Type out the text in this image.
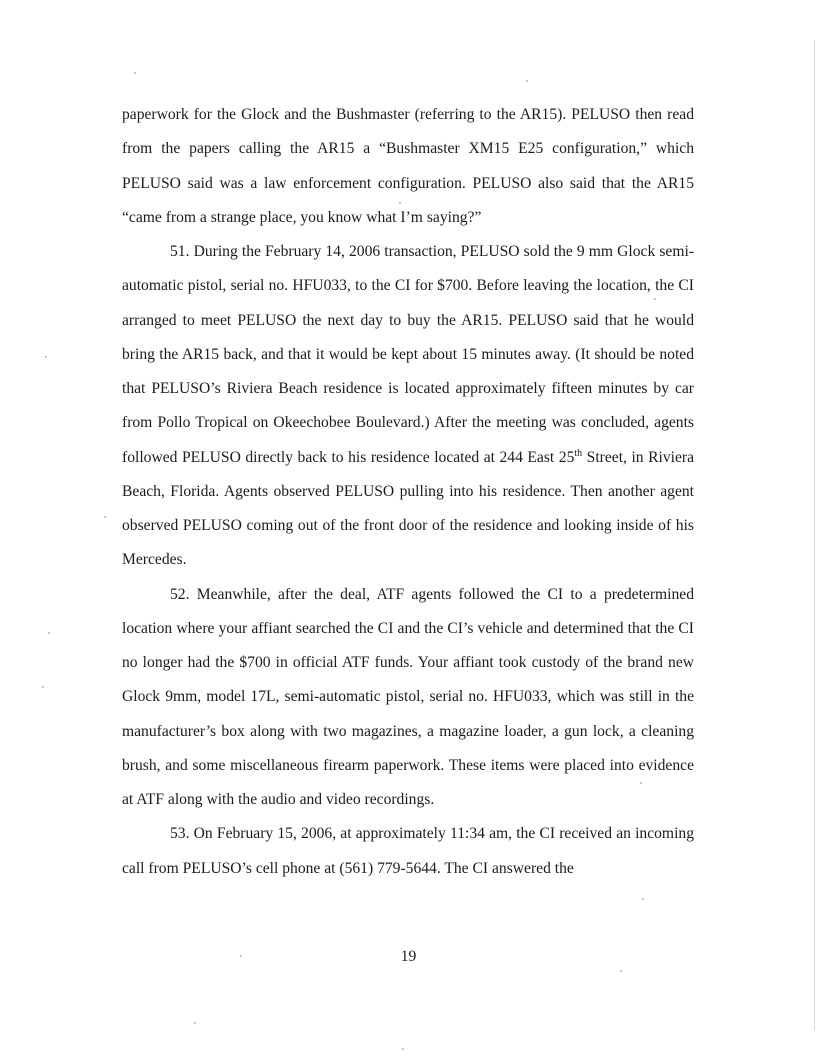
paperwork for the Glock and the Bushmaster (referring to the AR15). PELUSO then read from the papers calling the AR15 a “Bushmaster XM15 E25 configuration,” which PELUSO said was a law enforcement configuration. PELUSO also said that the AR15 “came from a strange place, you know what I’m saying?”

51. During the February 14, 2006 transaction, PELUSO sold the 9 mm Glock semi-automatic pistol, serial no. HFU033, to the CI for $700. Before leaving the location, the CI arranged to meet PELUSO the next day to buy the AR15. PELUSO said that he would bring the AR15 back, and that it would be kept about 15 minutes away. (It should be noted that PELUSO’s Riviera Beach residence is located approximately fifteen minutes by car from Pollo Tropical on Okeechobee Boulevard.) After the meeting was concluded, agents followed PELUSO directly back to his residence located at 244 East 25th Street, in Riviera Beach, Florida. Agents observed PELUSO pulling into his residence. Then another agent observed PELUSO coming out of the front door of the residence and looking inside of his Mercedes.

52. Meanwhile, after the deal, ATF agents followed the CI to a predetermined location where your affiant searched the CI and the CI’s vehicle and determined that the CI no longer had the $700 in official ATF funds. Your affiant took custody of the brand new Glock 9mm, model 17L, semi-automatic pistol, serial no. HFU033, which was still in the manufacturer’s box along with two magazines, a magazine loader, a gun lock, a cleaning brush, and some miscellaneous firearm paperwork. These items were placed into evidence at ATF along with the audio and video recordings.

53. On February 15, 2006, at approximately 11:34 am, the CI received an incoming call from PELUSO’s cell phone at (561) 779-5644. The CI answered the

19
